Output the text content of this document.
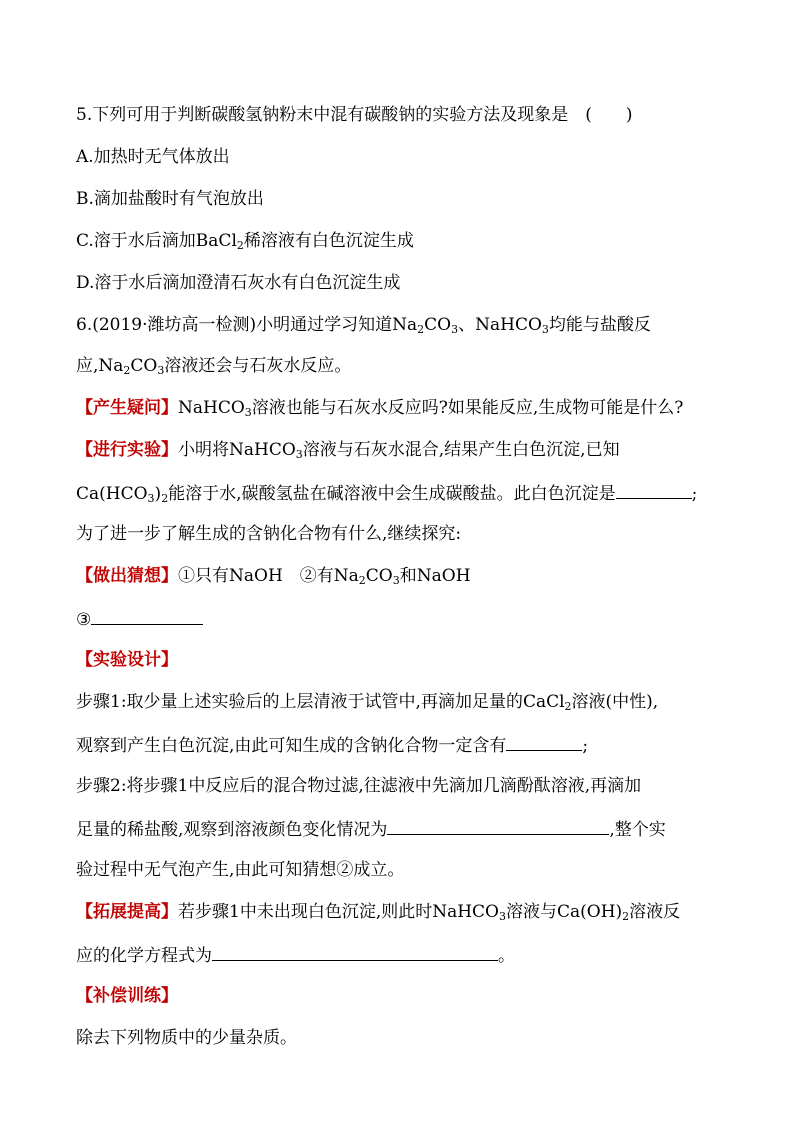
5.下列可用于判断碳酸氢钠粉末中混有碳酸钠的实验方法及现象是　(　　)
A.加热时无气体放出
B.滴加盐酸时有气泡放出
C.溶于水后滴加BaCl$_2$稀溶液有白色沉淀生成
D.溶于水后滴加澄清石灰水有白色沉淀生成
6.(2019·潍坊高一检测)小明通过学习知道$Na_2CO_3$、NaHCO$_3$均能与盐酸反
应$,Na_2CO_3$溶液还会与石灰水反应。
【产生疑问】NaHCO$_3$溶液也能与石灰水反应吗?如果能反应,生成物可能是什么?
【进行实验】小明将NaHCO$_3$溶液与石灰水混合,结果产生白色沉淀,已知
$Ca(HCO_3)_2$能溶于水,碳酸氢盐在碱溶液中会生成碳酸盐。此白色沉淀是	;
为了进一步了解生成的含钠化合物有什么,继续探究:
【做出猜想】①只有NaOH　②有$Na_2CO_3$和NaOH
③
【实验设计】
步骤1:取少量上述实验后的上层清液于试管中,再滴加足量的CaCl$_2$溶液(中性),
观察到产生白色沉淀,由此可知生成的含钠化合物一定含有	;
步骤2:将步骤1中反应后的混合物过滤,往滤液中先滴加几滴酚酞溶液,再滴加
足量的稀盐酸,观察到溶液颜色变化情况为	,整个实
验过程中无气泡产生,由此可知猜想②成立。
【拓展提高】若步骤1中未出现白色沉淀,则此时NaHCO$_3$溶液与$Ca(OH)_2$溶液反
应的化学方程式为	。
【补偿训练】
除去下列物质中的少量杂质。
